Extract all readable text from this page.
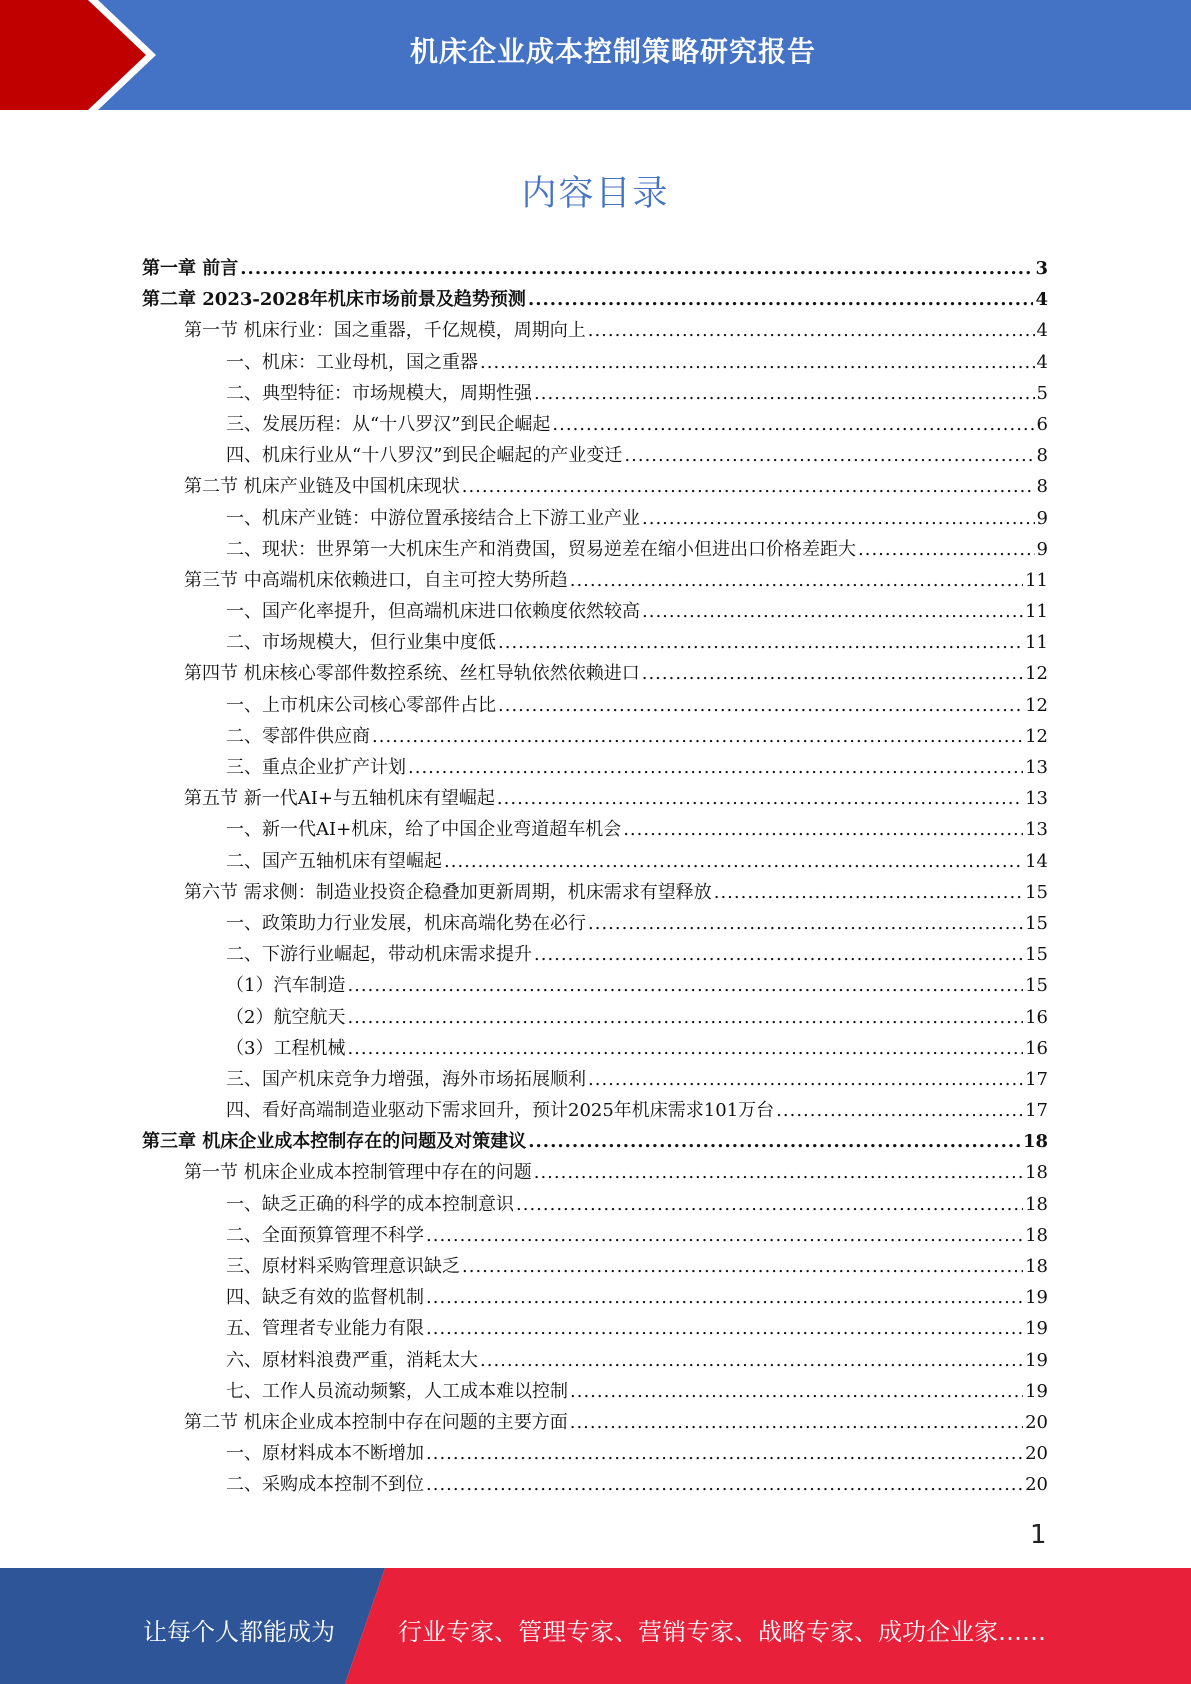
机床企业成本控制策略研究报告
内容目录
第一章 前言 .....	3
第二章 2023-2028年机床市场前景及趋势预测 .....	4
第一节 机床行业：国之重器，千亿规模，周期向上 .....	4
一、机床：工业母机，国之重器 .....	4
二、典型特征：市场规模大，周期性强 .....	5
三、发展历程：从“十八罗汉”到民企崛起 .....	6
四、机床行业从“十八罗汉”到民企崛起的产业变迁 .....	8
第二节 机床产业链及中国机床现状 .....	8
一、机床产业链：中游位置承接结合上下游工业产业 .....	9
二、现状：世界第一大机床生产和消费国，贸易逆差在缩小但进出口价格差距大 .....	9
第三节 中高端机床依赖进口，自主可控大势所趋 .....	11
一、国产化率提升，但高端机床进口依赖度依然较高 .....	11
二、市场规模大，但行业集中度低 .....	11
第四节 机床核心零部件数控系统、丝杠导轨依然依赖进口 .....	12
一、上市机床公司核心零部件占比 .....	12
二、零部件供应商 .....	12
三、重点企业扩产计划 .....	13
第五节 新一代AI+与五轴机床有望崛起 .....	13
一、新一代AI+机床，给了中国企业弯道超车机会 .....	13
二、国产五轴机床有望崛起 .....	14
第六节 需求侧：制造业投资企稳叠加更新周期，机床需求有望释放 .....	15
一、政策助力行业发展，机床高端化势在必行 .....	15
二、下游行业崛起，带动机床需求提升 .....	15
（1）汽车制造 .....	15
（2）航空航天 .....	16
（3）工程机械 .....	16
三、国产机床竞争力增强，海外市场拓展顺利 .....	17
四、看好高端制造业驱动下需求回升，预计2025年机床需求101万台 .....	17
第三章 机床企业成本控制存在的问题及对策建议 .....	18
第一节 机床企业成本控制管理中存在的问题 .....	18
一、缺乏正确的科学的成本控制意识 .....	18
二、全面预算管理不科学 .....	18
三、原材料采购管理意识缺乏 .....	18
四、缺乏有效的监督机制 .....	19
五、管理者专业能力有限 .....	19
六、原材料浪费严重，消耗太大 .....	19
七、工作人员流动频繁，人工成本难以控制 .....	19
第二节 机床企业成本控制中存在问题的主要方面 .....	20
一、原材料成本不断增加 .....	20
二、采购成本控制不到位 .....	20
1
让每个人都能成为	行业专家、管理专家、营销专家、战略专家、成功企业家……
